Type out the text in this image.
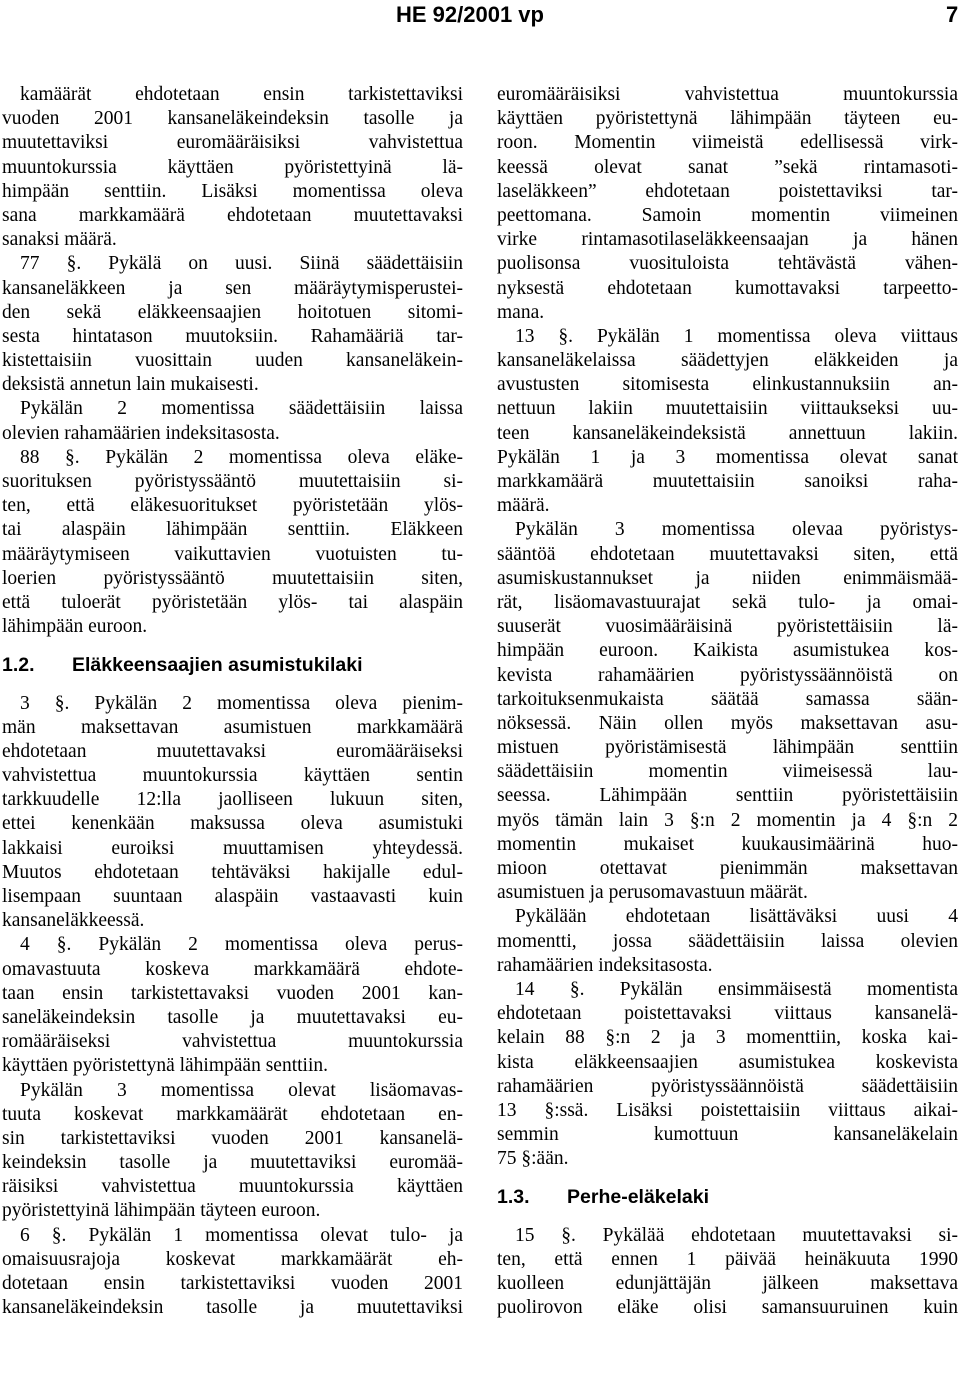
HE 92/2001 vp	7
kamäärät ehdotetaan ensin tarkistettaviksi
vuoden 2001 kansaneläkeindeksin tasolle ja
muutettaviksi euromääräisiksi vahvistettua
muuntokurssia käyttäen pyöristettyinä lä-
himpään senttiin. Lisäksi momentissa oleva
sana markkamäärä ehdotetaan muutettavaksi
sanaksi määrä.
77 §. Pykälä on uusi. Siinä säädettäisiin
kansaneläkkeen ja sen määräytymisperustei-
den sekä eläkkeensaajien hoitotuen sitomi-
sesta hintatason muutoksiin. Rahamääriä tar-
kistettaisiin vuosittain uuden kansaneläkein-
deksistä annetun lain mukaisesti.
Pykälän 2 momentissa säädettäisiin laissa
olevien rahamäärien indeksitasosta.
88 §. Pykälän 2 momentissa oleva eläke-
suorituksen pyöristyssääntö muutettaisiin si-
ten, että eläkesuoritukset pyöristetään ylös-
tai alaspäin lähimpään senttiin. Eläkkeen
määräytymiseen vaikuttavien vuotuisten tu-
loerien pyöristyssääntö muutettaisiin siten,
että tuloerät pyöristetään ylös- tai alaspäin
lähimpään euroon.
1.2. Eläkkeensaajien asumistukilaki
3 §. Pykälän 2 momentissa oleva pienim-
män maksettavan asumistuen markkamäärä
ehdotetaan muutettavaksi euromääräiseksi
vahvistettua muuntokurssia käyttäen sentin
tarkkuudelle 12:lla jaolliseen lukuun siten,
ettei kenenkään maksussa oleva asumistuki
lakkaisi euroiksi muuttamisen yhteydessä.
Muutos ehdotetaan tehtäväksi hakijalle edul-
lisempaan suuntaan alaspäin vastaavasti kuin
kansaneläkkeessä.
4 §. Pykälän 2 momentissa oleva perus-
omavastuuta koskeva markkamäärä ehdote-
taan ensin tarkistettavaksi vuoden 2001 kan-
saneläkeindeksin tasolle ja muutettavaksi eu-
romääräiseksi vahvistettua muuntokurssia
käyttäen pyöristettynä lähimpään senttiin.
Pykälän 3 momentissa olevat lisäomavas-
tuuta koskevat markkamäärät ehdotetaan en-
sin tarkistettaviksi vuoden 2001 kansanelä-
keindeksin tasolle ja muutettaviksi euromää-
räisiksi vahvistettua muuntokurssia käyttäen
pyöristettyinä lähimpään täyteen euroon.
6 §. Pykälän 1 momentissa olevat tulo- ja
omaisuusrajoja koskevat markkamäärät eh-
dotetaan ensin tarkistettaviksi vuoden 2001
kansaneläkeindeksin tasolle ja muutettaviksi
euromääräisiksi vahvistettua muuntokurssia
käyttäen pyöristettynä lähimpään täyteen eu-
roon. Momentin viimeistä edellisessä virk-
keessä olevat sanat ”sekä rintamasoti-
laseläkkeen” ehdotetaan poistettaviksi tar-
peettomana. Samoin momentin viimeinen
virke rintamasotilaseläkkeensaajan ja hänen
puolisonsa vuosituloista tehtävästä vähen-
nyksestä ehdotetaan kumottavaksi tarpeetto-
mana.
13 §. Pykälän 1 momentissa oleva viittaus
kansaneläkelaissa säädettyjen eläkkeiden ja
avustusten sitomisesta elinkustannuksiin an-
nettuun lakiin muutettaisiin viittaukseksi uu-
teen kansaneläkeindeksistä annettuun lakiin.
Pykälän 1 ja 3 momentissa olevat sanat
markkamäärä muutettaisiin sanoiksi raha-
määrä.
Pykälän 3 momentissa olevaa pyöristys-
sääntöä ehdotetaan muutettavaksi siten, että
asumiskustannukset ja niiden enimmäismää-
rät, lisäomavastuurajat sekä tulo- ja omai-
suuserät vuosimääräisinä pyöristettäisiin lä-
himpään euroon. Kaikista asumistukea kos-
kevista rahamäärien pyöristyssäännöistä on
tarkoituksenmukaista säätää samassa sään-
nöksessä. Näin ollen myös maksettavan asu-
mistuen pyöristämisestä lähimpään senttiin
säädettäisiin momentin viimeisessä lau-
seessa. Lähimpään senttiin pyöristettäisiin
myös tämän lain 3 §:n 2 momentin ja 4 §:n 2
momentin mukaiset kuukausimäärinä huo-
mioon otettavat pienimmän maksettavan
asumistuen ja perusomavastuun määrät.
Pykälään ehdotetaan lisättäväksi uusi 4
momentti, jossa säädettäisiin laissa olevien
rahamäärien indeksitasosta.
14 §. Pykälän ensimmäisestä momentista
ehdotetaan poistettavaksi viittaus kansanelä-
kelain 88 §:n 2 ja 3 momenttiin, koska kai-
kista eläkkeensaajien asumistukea koskevista
rahamäärien pyöristyssäännöistä säädettäisiin
13 §:ssä. Lisäksi poistettaisiin viittaus aikai-
semmin kumottuun kansaneläkelain
75 §:ään.
1.3. Perhe-eläkelaki
15 §. Pykälää ehdotetaan muutettavaksi si-
ten, että ennen 1 päivää heinäkuuta 1990
kuolleen edunjättäjän jälkeen maksettava
puolirovon eläke olisi samansuuruinen kuin
